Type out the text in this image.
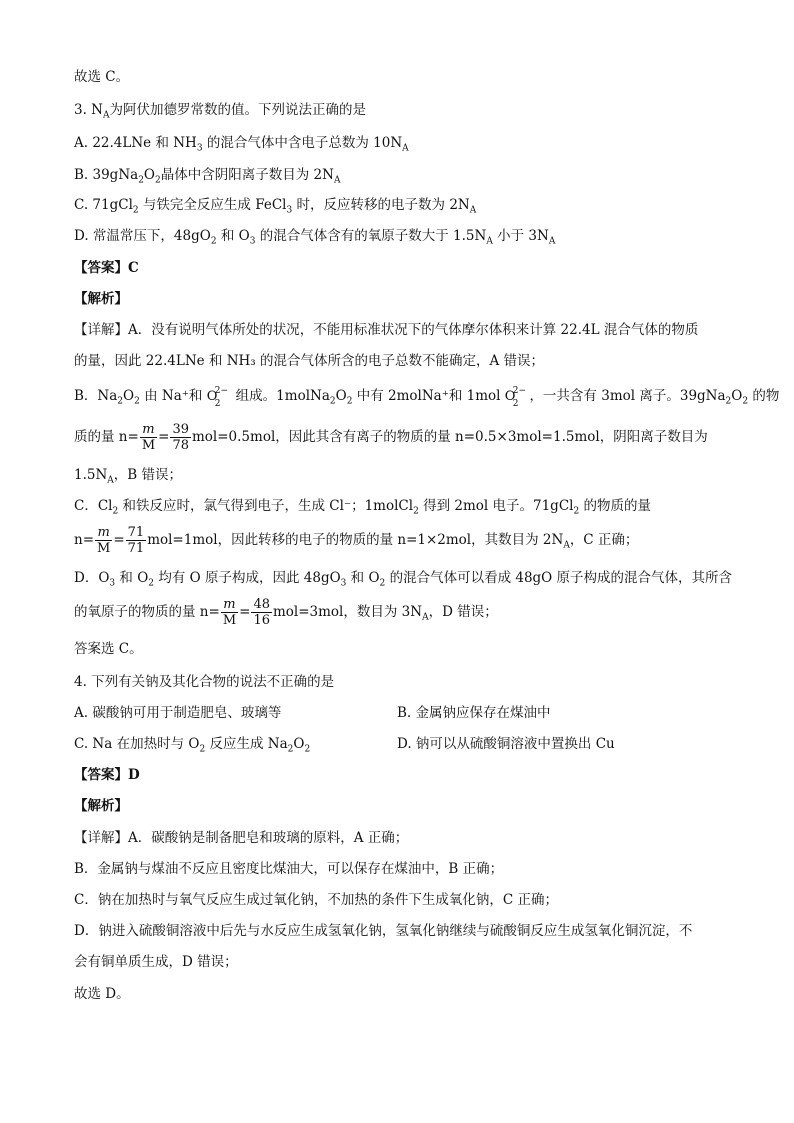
故选 C。
3. $N_A$为阿伏加德罗常数的值。下列说法正确的是
A. 22.4LNe 和 $NH_3$ 的混合气体中含电子总数为 $10N_A$
B. $39gNa_2O_2$晶体中含阴阳离子数目为 $2N_A$
C. 71gCl$_2$ 与铁完全反应生成 FeCl$_3$ 时，反应转移的电子数为 $2N_A$
D. 常温常压下，$48gO_2$ 和 $O_3$ 的混合气体含有的氧原子数大于 $1.5N_A$ 小于 $3N_A$
【答案】C
【解析】
【详解】A．没有说明气体所处的状况，不能用标准状况下的气体摩尔体积来计算 22.4L 混合气体的物质
的量，因此 22.4LNe 和 NH₃ 的混合气体所含的电子总数不能确定，A 错误；
B．$Na_2O_2$ 由 Na⁺和 O
2−
2 组成。$1molNa_2O_2$ 中有 2molNa⁺和 1mol O
2−
2 ，一共含有 3mol 离子。$39gNa_2O_2$ 的物
质的量 $n= \frac{m}{M} = \frac{39}{78} mol=0.5mol$，因此其含有离子的物质的量 n=0.5×3mol=1.5mol，阴阳离子数目为
$1.5N_A$，B 错误；
C．$Cl_2$ 和铁反应时，氯气得到电子，生成 Cl⁻；1molCl$_2$ 得到 2mol 电子。71gCl$_2$ 的物质的量
$n= \frac{m}{M} = \frac{71}{71} mol=1mol$，因此转移的电子的物质的量 n=1×2mol，其数目为 $2N_A$，C 正确；
D．$O_3$ 和 $O_2$ 均有 O 原子构成，因此 $48gO_3$ 和 $O_2$ 的混合气体可以看成 48gO 原子构成的混合气体，其所含
的氧原子的物质的量 $n= \frac{m}{M} = \frac{48}{16} mol=3mol$，数目为 $3N_A$，D 错误；
答案选 C。
4. 下列有关钠及其化合物的说法不正确的是
A. 碳酸钠可用于制造肥皂、玻璃等	B. 金属钠应保存在煤油中
C. Na 在加热时与 $O_2$ 反应生成 $Na_2O_2$	D. 钠可以从硫酸铜溶液中置换出 Cu
【答案】D
【解析】
【详解】A．碳酸钠是制备肥皂和玻璃的原料，A 正确；
B．金属钠与煤油不反应且密度比煤油大，可以保存在煤油中，B 正确；
C．钠在加热时与氧气反应生成过氧化钠，不加热的条件下生成氧化钠，C 正确；
D．钠进入硫酸铜溶液中后先与水反应生成氢氧化钠，氢氧化钠继续与硫酸铜反应生成氢氧化铜沉淀，不
会有铜单质生成，D 错误；
故选 D。
